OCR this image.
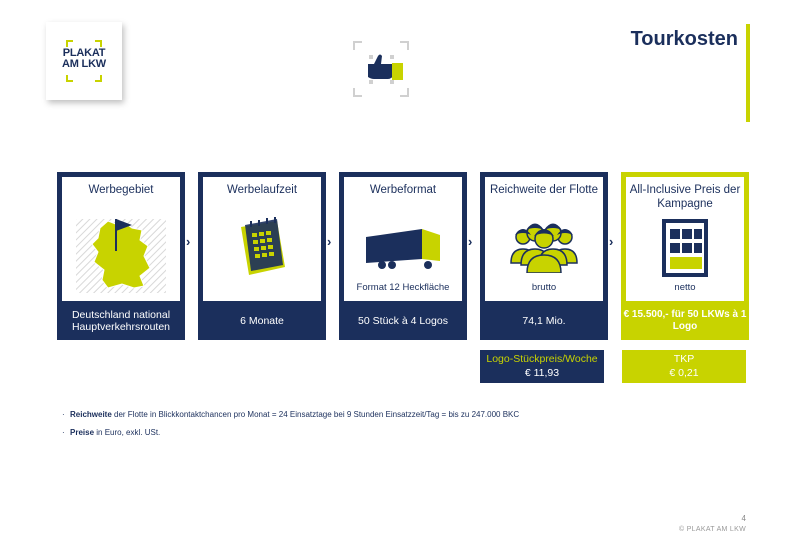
PLAKAT
AM LKW
Tourkosten
Werbegebiet
Deutschland national Hauptverkehrsrouten
›
Werbelaufzeit
6 Monate
›
Werbeformat
Format 12 Heckfläche
50 Stück à 4 Logos
›
Reichweite der Flotte
brutto
74,1 Mio.
›
All-Inclusive Preis der Kampagne
netto
€ 15.500,- für 50 LKWs à 1 Logo
Logo-Stückpreis/Woche
€ 11,93
TKP
€ 0,21
· Reichweite der Flotte in Blickkontaktchancen pro Monat = 24 Einsatztage bei 9 Stunden Einsatzzeit/Tag = bis zu 247.000 BKC
· Preise in Euro, exkl. USt.
4
© PLAKAT AM LKW
